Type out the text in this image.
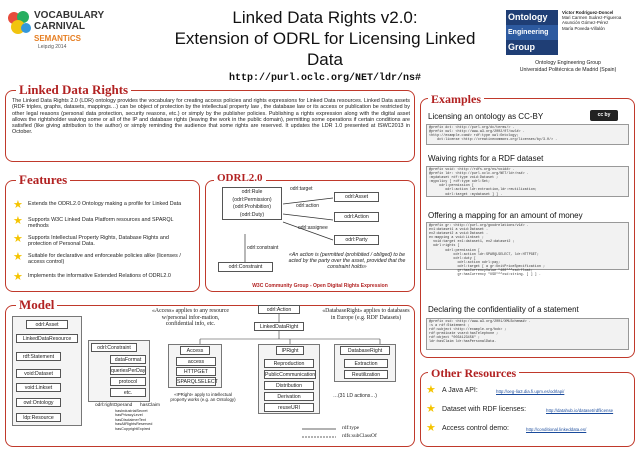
VOCABULARY
CARNIVAL
SEMANTiCS
Leipzig 2014
Linked Data Rights v2.0:
Extension of ODRL for Licensing Linked Data
http://purl.oclc.org/NET/ldr/ns#
Ontology
Engineering
Group
Víctor Rodríguez-Doncel
Mari Carmen Suárez-Figueroa
Asunción Gómez-Pérez
María Poveda-Villalón
Ontology Engineering Group
Universidad Politécnica de Madrid (Spain)
Linked Data Rights
The Linked Data Rights 2.0 (LDR) ontology provides the vocabulary for creating access policies and rights expressions for Linked Data resources. Linked Data assets (RDF triples, graphs, datasets, mappings…) can be object of protection by the intellectual property law , the database law or its access or publication be restricted by other legal reasons (personal data protection, security reasons, etc.) or simply by the publisher policies. Publishing a rights expression along with the digital asset allows the rightsholder waiving some or all of the IP and database rights (leaving the work in the public domain), permitting some operations if certain conditions are satisfied (like giving attribution to the author) or simply reminding the audience that some rights are reserved. It updates the LDR 1.0 presented at ISWC2013 in October.
Features
★ Extends the ODRL2.0 Ontology making a profile for Linked Data
★ Supports W3C Linked Data Platform resources and SPARQL methods
★ Supports Intellectual Property Rights, Database Rights and protection of Personal Data.
★ Suitable for declarative and enforceable policies alike (licenses / access control)
★ Implements the informative Extended Relations of ODRL2.0
ODRL2.0
odrl:Rule
(odrl:Permission)
(odrl:Prohibition)
(odrl:Duty)
odrl:Asset
odrl:Action
odrl:Party
odrl:Constraint
odrl:target
odrl:action
odrl:assignee
odrl:constraint
«An action is (permitted /prohibited / obliged) to be acted by the party over the asset, provided that the constraint holds»
W3C Community Group - Open Digital Rights Expression
Model
odrl:Asset
LinkedDataResource
rdf:Statement
void:Dataset
void:Linkset
owl:Ontology
ldp:Resource
odrl:Constraint
dataFormat
queriesPerDay
protocol
etc.
odrl:rightOperand hasClaim
hasIndustrialSecret
hasPrivacyLevel
hasDisclaimerText
hasAllRightsReserved
hasCopyrightExpired
«Access» applies to any resource w/personal infor-mation, confidential info, etc.
«DatabaseRight» applies to databases in Europe (e.g. RDF Datasets)
odrl:Action
LinkedDataRight
Access
access
HTTPGET
SPARQLSELECT
«IPRight» apply to intellectual property works (e.g. an Ontology)
IPRight
Reproduction
PublicCommunication
Distribution
Derivation
reuseURI
DatabaseRight
Extraction
Reutilization
…(31 LD actions…)
rdf:type
rdfs:subClassOf
Examples
Licensing an ontology as CC-BY	cc by
@prefix dct: <http://purl.org/dc/terms/> .
@prefix owl: <http://www.w3.org/2002/07/owl#> .
<http://example.com#> rdf:type owl:Ontology;
dct:license <http://creativecommons.org/licenses/by/3.0/> .
Waiving rights for a RDF dataset
@prefix void: <http://rdfs.org/ns/void#> .
@prefix ldr: <http://purl.oclc.org/NET/ldr/ns#> .
:mydataset rdf:type void:Dataset ;
:mypolicy [ rdf:type odrl:Set;
odrl:permission [
odrl:action ldr:extraction,ldr:reutilization;
odrl:target :mydataset ] ] .
Offering a mapping for an amount of money
@prefix gr: <http://purl.org/goodrelations/v1#> .
ex1:dataset1 a void:Dataset .
ex2:dataset2 a void:Dataset .
ex:mapping a void:Linkset ;
void:target ex1:dataset1, ex2:dataset2 ;
odrl:rights [
odrl:permission [
odrl:action ldr:SPARQLSELECT, ldr:HTTPGET;
odrl:duty [
odrl:action odrl:pay;
odrl:target [ a gr:UnitPriceSpecification ;
gr:hasCurrencyValue "400"^^xsd:float;
gr:hasCurrency "USD"^^xsd:string. ] ] ] .
Declaring the confidentiality of a statement
@prefix xsd: <http://www.w3.org/2001/XMLSchema#> .
:s a rdf:Statement ;
rdf:subject <http://example.org/bob> ;
rdf:predicate vcard:hasTelephone ;
rdf:object "0034123456" ;
ldr:hasClaim ldr:hasPersonalData.
Other Resources
★ A Java API:	http://oeg-lia3.dia.fi.upm.es/odrlapi/
★ Dataset with RDF licenses:	http://datahub.io/dataset/rdflicense
★ Access control demo:	http://conditional.linkeddata.es/
